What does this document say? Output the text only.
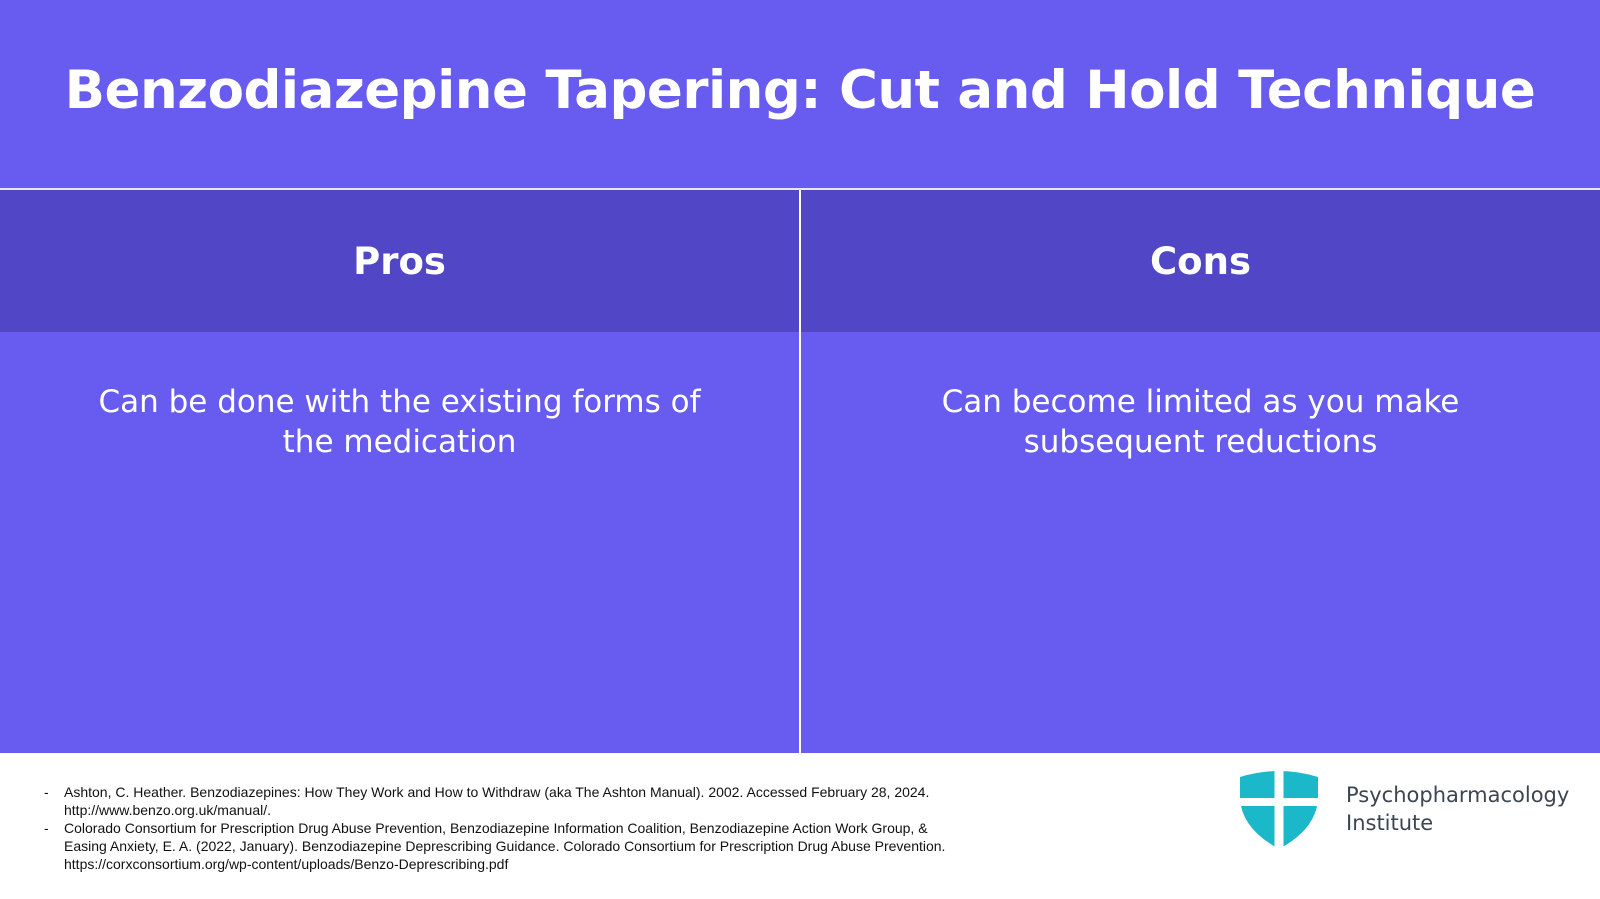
Benzodiazepine Tapering: Cut and Hold Technique
Pros
Can be done with the existing forms of the medication
Cons
Can become limited as you make subsequent reductions
- Ashton, C. Heather. Benzodiazepines: How They Work and How to Withdraw (aka The Ashton Manual). 2002. Accessed February 28, 2024. http://www.benzo.org.uk/manual/.
- Colorado Consortium for Prescription Drug Abuse Prevention, Benzodiazepine Information Coalition, Benzodiazepine Action Work Group, & Easing Anxiety, E. A. (2022, January). Benzodiazepine Deprescribing Guidance. Colorado Consortium for Prescription Drug Abuse Prevention. https://corxconsortium.org/wp-content/uploads/Benzo-Deprescribing.pdf
Psychopharmacology
Institute
